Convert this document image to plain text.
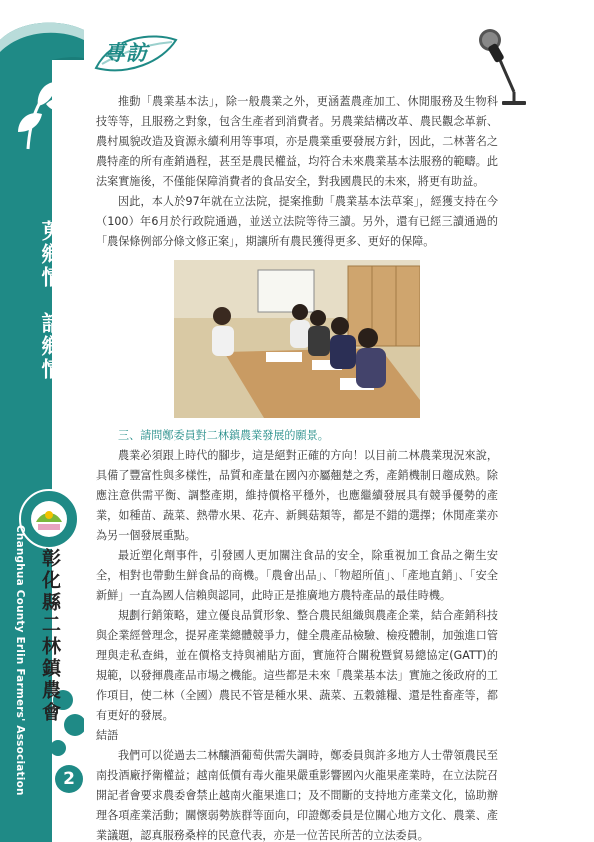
蒐鄉情．話鄉情
Changhua County Erlin Farmers' Association 彰化縣二林鎮農會
2
專訪

推動「農業基本法」，除一般農業之外，更涵蓋農產加工、休閒服務及生物科技等等，且服務之對象，包含生產者到消費者。另農業結構改革、農民觀念革新、農村風貌改造及資源永續利用等事項，亦是農業重要發展方針，因此，二林著名之農特產的所有產銷過程，甚至是農民權益，均符合未來農業基本法服務的範疇。此法案實施後，不僅能保障消費者的食品安全，對我國農民的未來，將更有助益。

因此，本人於97年就在立法院，提案推動「農業基本法草案」，經獲支持在今（100）年6月於行政院通過，並送立法院等待三讀。另外，還有已經三讀通過的「農保條例部分條文修正案」，期讓所有農民獲得更多、更好的保障。

三、請問鄭委員對二林鎮農業發展的願景。

農業必須跟上時代的腳步，這是絕對正確的方向！以目前二林農業現況來說，具備了豐富性與多樣性，品質和產量在國內亦屬翹楚之秀，產銷機制日趨成熟。除應注意供需平衡、調整產期，維持價格平穩外，也應繼續發展具有競爭優勢的產業，如種苗、蔬菜、熱帶水果、花卉、新興菇類等，都是不錯的選擇；休閒產業亦為另一個發展重點。

最近塑化劑事件，引發國人更加關注食品的安全，除重視加工食品之衛生安全，相對也帶動生鮮食品的商機。「農會出品」、「物超所值」、「產地直銷」、「安全新鮮」一直為國人信賴與認同，此時正是推廣地方農特產品的最佳時機。

規劃行銷策略，建立優良品質形象、整合農民組織與農產企業，結合產銷科技與企業經營理念，提昇產業總體競爭力，健全農產品檢驗、檢疫體制，加強進口管理與走私查緝，並在價格支持與補貼方面，實施符合關稅暨貿易總協定(GATT)的規範，以發揮農產品市場之機能。這些都是未來「農業基本法」實施之後政府的工作項目，使二林（全國）農民不管是種水果、蔬菜、五穀雜糧、還是牲畜產等，都有更好的發展。

結語

我們可以從過去二林釀酒葡萄供需失調時，鄭委員與許多地方人士帶領農民至南投酒廠抒衛權益；越南低價有毒火龍果嚴重影響國內火龍果產業時，在立法院召開記者會要求農委會禁止越南火龍果進口；及不間斷的支持地方產業文化，協助辦理各項產業活動；關懷弱勢族群等面向，印證鄭委員是位關心地方文化、農業、產業議題，認真服務桑梓的民意代表，亦是一位苦民所苦的立法委員。
